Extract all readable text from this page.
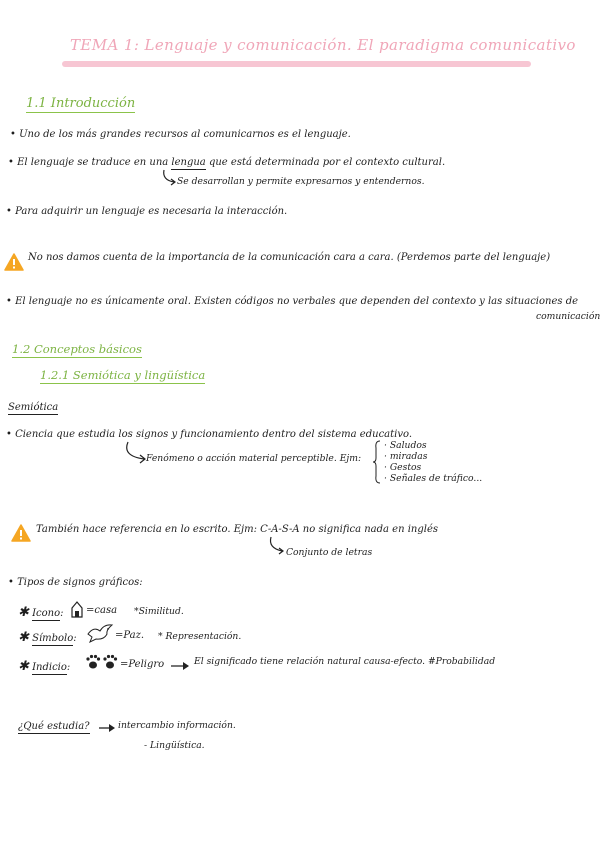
TEMA 1: Lenguaje y comunicación. El paradigma comunicativo
1.1 Introducción
• Uno de los más grandes recursos al comunicarnos es el lenguaje.
• El lenguaje se traduce en una lengua que está determinada por el contexto cultural.
Se desarrollan y permite expresarnos y entendernos.
• Para adquirir un lenguaje es necesaria la interacción.
No nos damos cuenta de la importancia de la comunicación cara a cara. (Perdemos parte del lenguaje)
• El lenguaje no es únicamente oral. Existen códigos no verbales que dependen del contexto y las situaciones de
comunicación
1.2 Conceptos básicos
1.2.1 Semiótica y lingüística
Semiótica
• Ciencia que estudia los signos y funcionamiento dentro del sistema educativo.
Fenómeno o acción material perceptible. Ejm:
· Saludos
· miradas
· Gestos
· Señales de tráfico...
También hace referencia en lo escrito. Ejm: C-A-S-A no significa nada en inglés
Conjunto de letras
• Tipos de signos gráficos:
✱ Icono: =casa *Similitud.
✱ Símbolo:	=Paz. * Representación.
✱ Indicio:	=Peligro	El significado tiene relación natural causa-efecto. #Probabilidad
¿Qué estudia?	intercambio información.
- Lingüística.
